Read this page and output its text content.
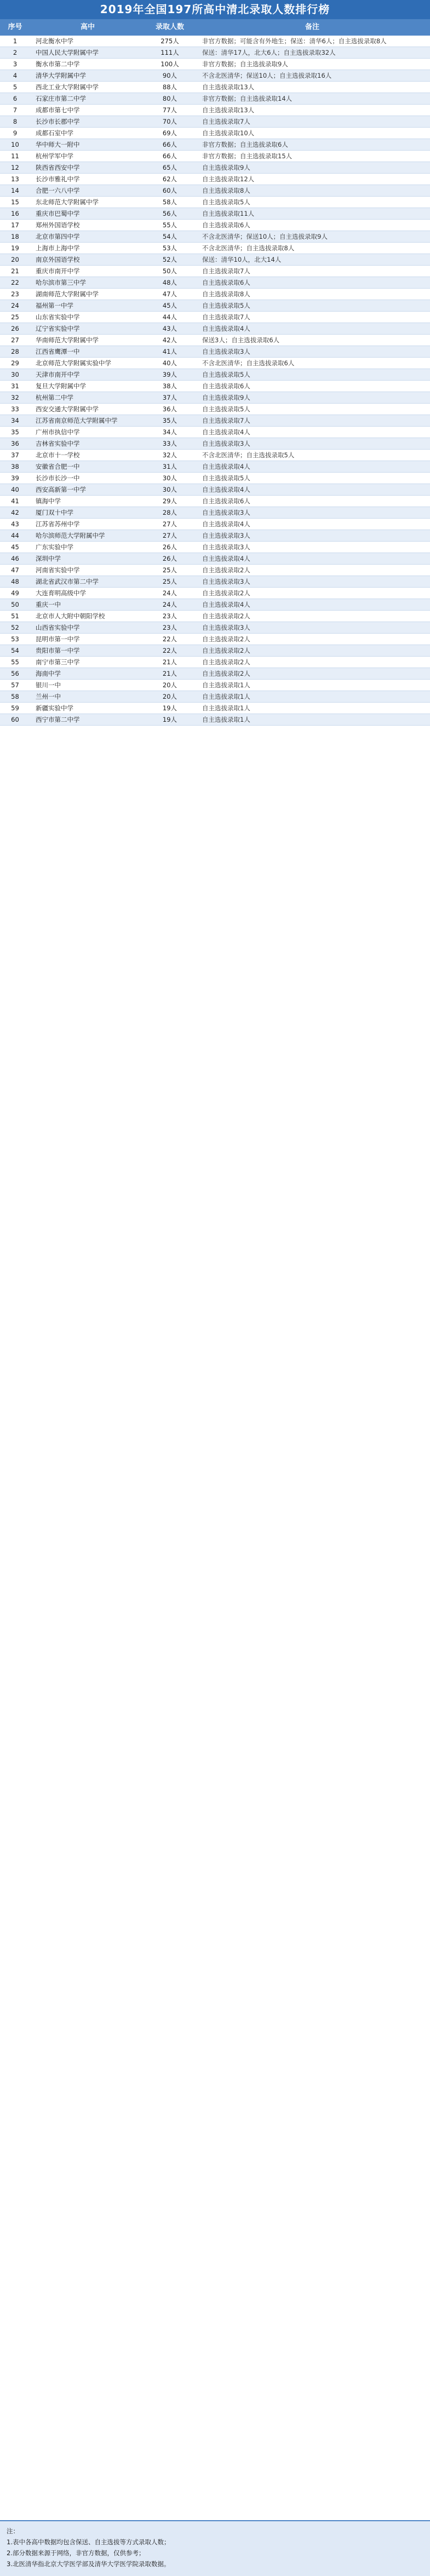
2019年全国197所高中清北录取人数排行榜
序号	高中	录取人数	备注
1	河北衡水中学	275人	非官方数据；可能含有外地生；保送：清华6人；自主选拔录取8人
2	中国人民大学附属中学	111人	保送：清华17人，北大6人；自主选拔录取32人
3	衡水市第二中学	100人	非官方数据；自主选拔录取9人
4	清华大学附属中学	90人	不含北医清华；保送10人；自主选拔录取16人
5	西北工业大学附属中学	88人	自主选拔录取13人
6	石家庄市第二中学	80人	非官方数据；自主选拔录取14人
7	成都市第七中学	77人	自主选拔录取13人
8	长沙市长郡中学	70人	自主选拔录取7人
9	成都石室中学	69人	自主选拔录取10人
10	华中师大一附中	66人	非官方数据；自主选拔录取6人
11	杭州学军中学	66人	非官方数据；自主选拔录取15人
12	陕西省西安中学	65人	自主选拔录取9人
13	长沙市雅礼中学	62人	自主选拔录取12人
14	合肥一六八中学	60人	自主选拔录取8人
15	东北师范大学附属中学	58人	自主选拔录取5人
16	重庆市巴蜀中学	56人	自主选拔录取11人
17	郑州外国语学校	55人	自主选拔录取6人
18	北京市第四中学	54人	不含北医清华；保送10人；自主选拔录取9人
19	上海市上海中学	53人	不含北医清华；自主选拔录取8人
20	南京外国语学校	52人	保送：清华10人，北大14人
21	重庆市南开中学	50人	自主选拔录取7人
22	哈尔滨市第三中学	48人	自主选拔录取6人
23	湖南师范大学附属中学	47人	自主选拔录取8人
24	福州第一中学	45人	自主选拔录取5人
25	山东省实验中学	44人	自主选拔录取7人
26	辽宁省实验中学	43人	自主选拔录取4人
27	华南师范大学附属中学	42人	保送3人；自主选拔录取6人
28	江西省鹰潭一中	41人	自主选拔录取3人
29	北京师范大学附属实验中学	40人	不含北医清华；自主选拔录取6人
30	天津市南开中学	39人	自主选拔录取5人
31	复旦大学附属中学	38人	自主选拔录取6人
32	杭州第二中学	37人	自主选拔录取9人
33	西安交通大学附属中学	36人	自主选拔录取5人
34	江苏省南京师范大学附属中学	35人	自主选拔录取7人
35	广州市执信中学	34人	自主选拔录取4人
36	吉林省实验中学	33人	自主选拔录取3人
37	北京市十一学校	32人	不含北医清华；自主选拔录取5人
38	安徽省合肥一中	31人	自主选拔录取4人
39	长沙市长沙一中	30人	自主选拔录取5人
40	西安高新第一中学	30人	自主选拔录取4人
41	镇海中学	29人	自主选拔录取6人
42	厦门双十中学	28人	自主选拔录取3人
43	江苏省苏州中学	27人	自主选拔录取4人
44	哈尔滨师范大学附属中学	27人	自主选拔录取3人
45	广东实验中学	26人	自主选拔录取3人
46	深圳中学	26人	自主选拔录取4人
47	河南省实验中学	25人	自主选拔录取2人
48	湖北省武汉市第二中学	25人	自主选拔录取3人
49	大连育明高级中学	24人	自主选拔录取2人
50	重庆一中	24人	自主选拔录取4人
51	北京市人大附中朝阳学校	23人	自主选拔录取2人
52	山西省实验中学	23人	自主选拔录取3人
53	昆明市第一中学	22人	自主选拔录取2人
54	贵阳市第一中学	22人	自主选拔录取2人
55	南宁市第三中学	21人	自主选拔录取2人
56	海南中学	21人	自主选拔录取2人
57	银川一中	20人	自主选拔录取1人
58	兰州一中	20人	自主选拔录取1人
59	新疆实验中学	19人	自主选拔录取1人
60	西宁市第二中学	19人	自主选拔录取1人

注：

1.表中各高中数据均包含保送、自主选拔等方式录取人数；

2.部分数据来源于网络，非官方数据，仅供参考；

3.北医清华指北京大学医学部及清华大学医学院录取数据。
